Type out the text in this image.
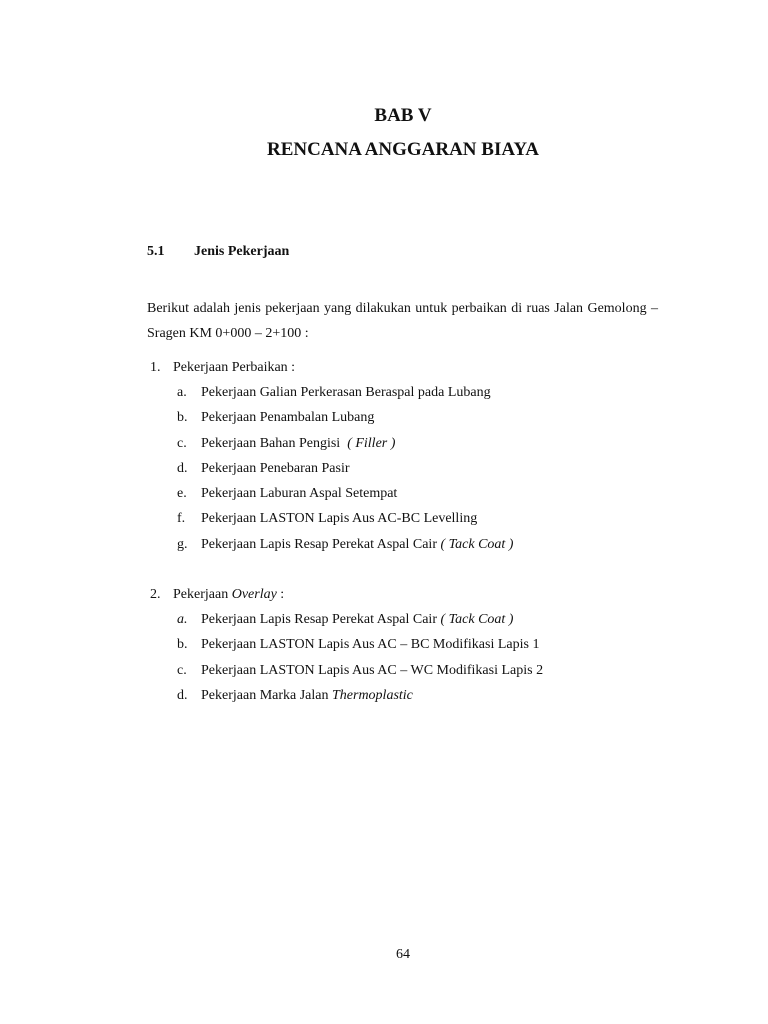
BAB V
RENCANA ANGGARAN BIAYA
5.1 Jenis Pekerjaan

Berikut adalah jenis pekerjaan yang dilakukan untuk perbaikan di ruas Jalan Gemolong – Sragen KM 0+000 – 2+100 :

1. Pekerjaan Perbaikan :
a. Pekerjaan Galian Perkerasan Beraspal pada Lubang
b. Pekerjaan Penambalan Lubang
c. Pekerjaan Bahan Pengisi  ( Filler )
d. Pekerjaan Penebaran Pasir
e. Pekerjaan Laburan Aspal Setempat
f. Pekerjaan LASTON Lapis Aus AC-BC Levelling
g. Pekerjaan Lapis Resap Perekat Aspal Cair ( Tack Coat )
2. Pekerjaan Overlay :
a. Pekerjaan Lapis Resap Perekat Aspal Cair ( Tack Coat )
b. Pekerjaan LASTON Lapis Aus AC – BC Modifikasi Lapis 1
c. Pekerjaan LASTON Lapis Aus AC – WC Modifikasi Lapis 2
d. Pekerjaan Marka Jalan Thermoplastic
64
